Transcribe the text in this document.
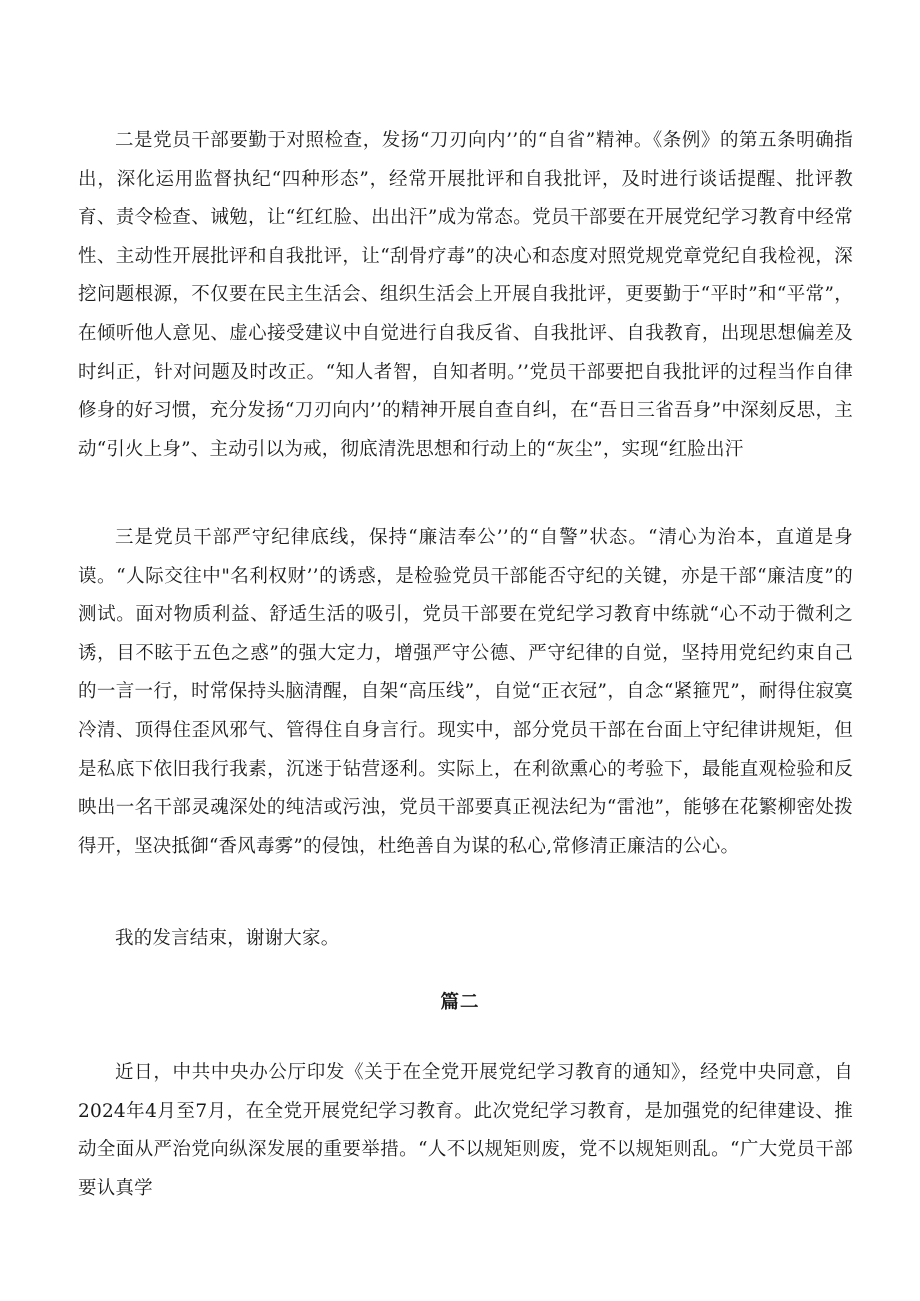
二是党员干部要勤于对照检查，发扬“刀刃向内’’的“自省”精神。《条例》的第五条明确指出，深化运用监督执纪“四种形态”，经常开展批评和自我批评，及时进行谈话提醒、批评教育、责令检查、诫勉，让“红红脸、出出汗”成为常态。党员干部要在开展党纪学习教育中经常性、主动性开展批评和自我批评，让“刮骨疗毒”的决心和态度对照党规党章党纪自我检视，深挖问题根源，不仅要在民主生活会、组织生活会上开展自我批评，更要勤于“平时”和“平常”，在倾听他人意见、虚心接受建议中自觉进行自我反省、自我批评、自我教育，出现思想偏差及时纠正，针对问题及时改正。“知人者智，自知者明。’’党员干部要把自我批评的过程当作自律修身的好习惯，充分发扬“刀刃向内’’的精神开展自查自纠，在“吾日三省吾身”中深刻反思，主动“引火上身”、主动引以为戒，彻底清洗思想和行动上的“灰尘”，实现“红脸出汗

三是党员干部严守纪律底线，保持“廉洁奉公’’的“自警”状态。“清心为治本，直道是身谟。“人际交往中"名利权财’’的诱惑，是检验党员干部能否守纪的关键，亦是干部“廉洁度”的测试。面对物质利益、舒适生活的吸引，党员干部要在党纪学习教育中练就“心不动于微利之诱，目不眩于五色之惑”的强大定力，增强严守公德、严守纪律的自觉，坚持用党纪约束自己的一言一行，时常保持头脑清醒，自架“高压线”，自觉“正衣冠”，自念“紧箍咒”，耐得住寂寞冷清、顶得住歪风邪气、管得住自身言行。现实中，部分党员干部在台面上守纪律讲规矩，但是私底下依旧我行我素，沉迷于钻营逐利。实际上，在利欲熏心的考验下，最能直观检验和反映出一名干部灵魂深处的纯洁或污浊，党员干部要真正视法纪为“雷池”，能够在花繁柳密处拨得开，坚决抵御“香风毒雾”的侵蚀，杜绝善自为谋的私心,常修清正廉洁的公心。

我的发言结束，谢谢大家。

篇二

近日，中共中央办公厅印发《关于在全党开展党纪学习教育的通知》，经党中央同意，自2024年4月至7月，在全党开展党纪学习教育。此次党纪学习教育，是加强党的纪律建设、推动全面从严治党向纵深发展的重要举措。“人不以规矩则废，党不以规矩则乱。“广大党员干部要认真学
